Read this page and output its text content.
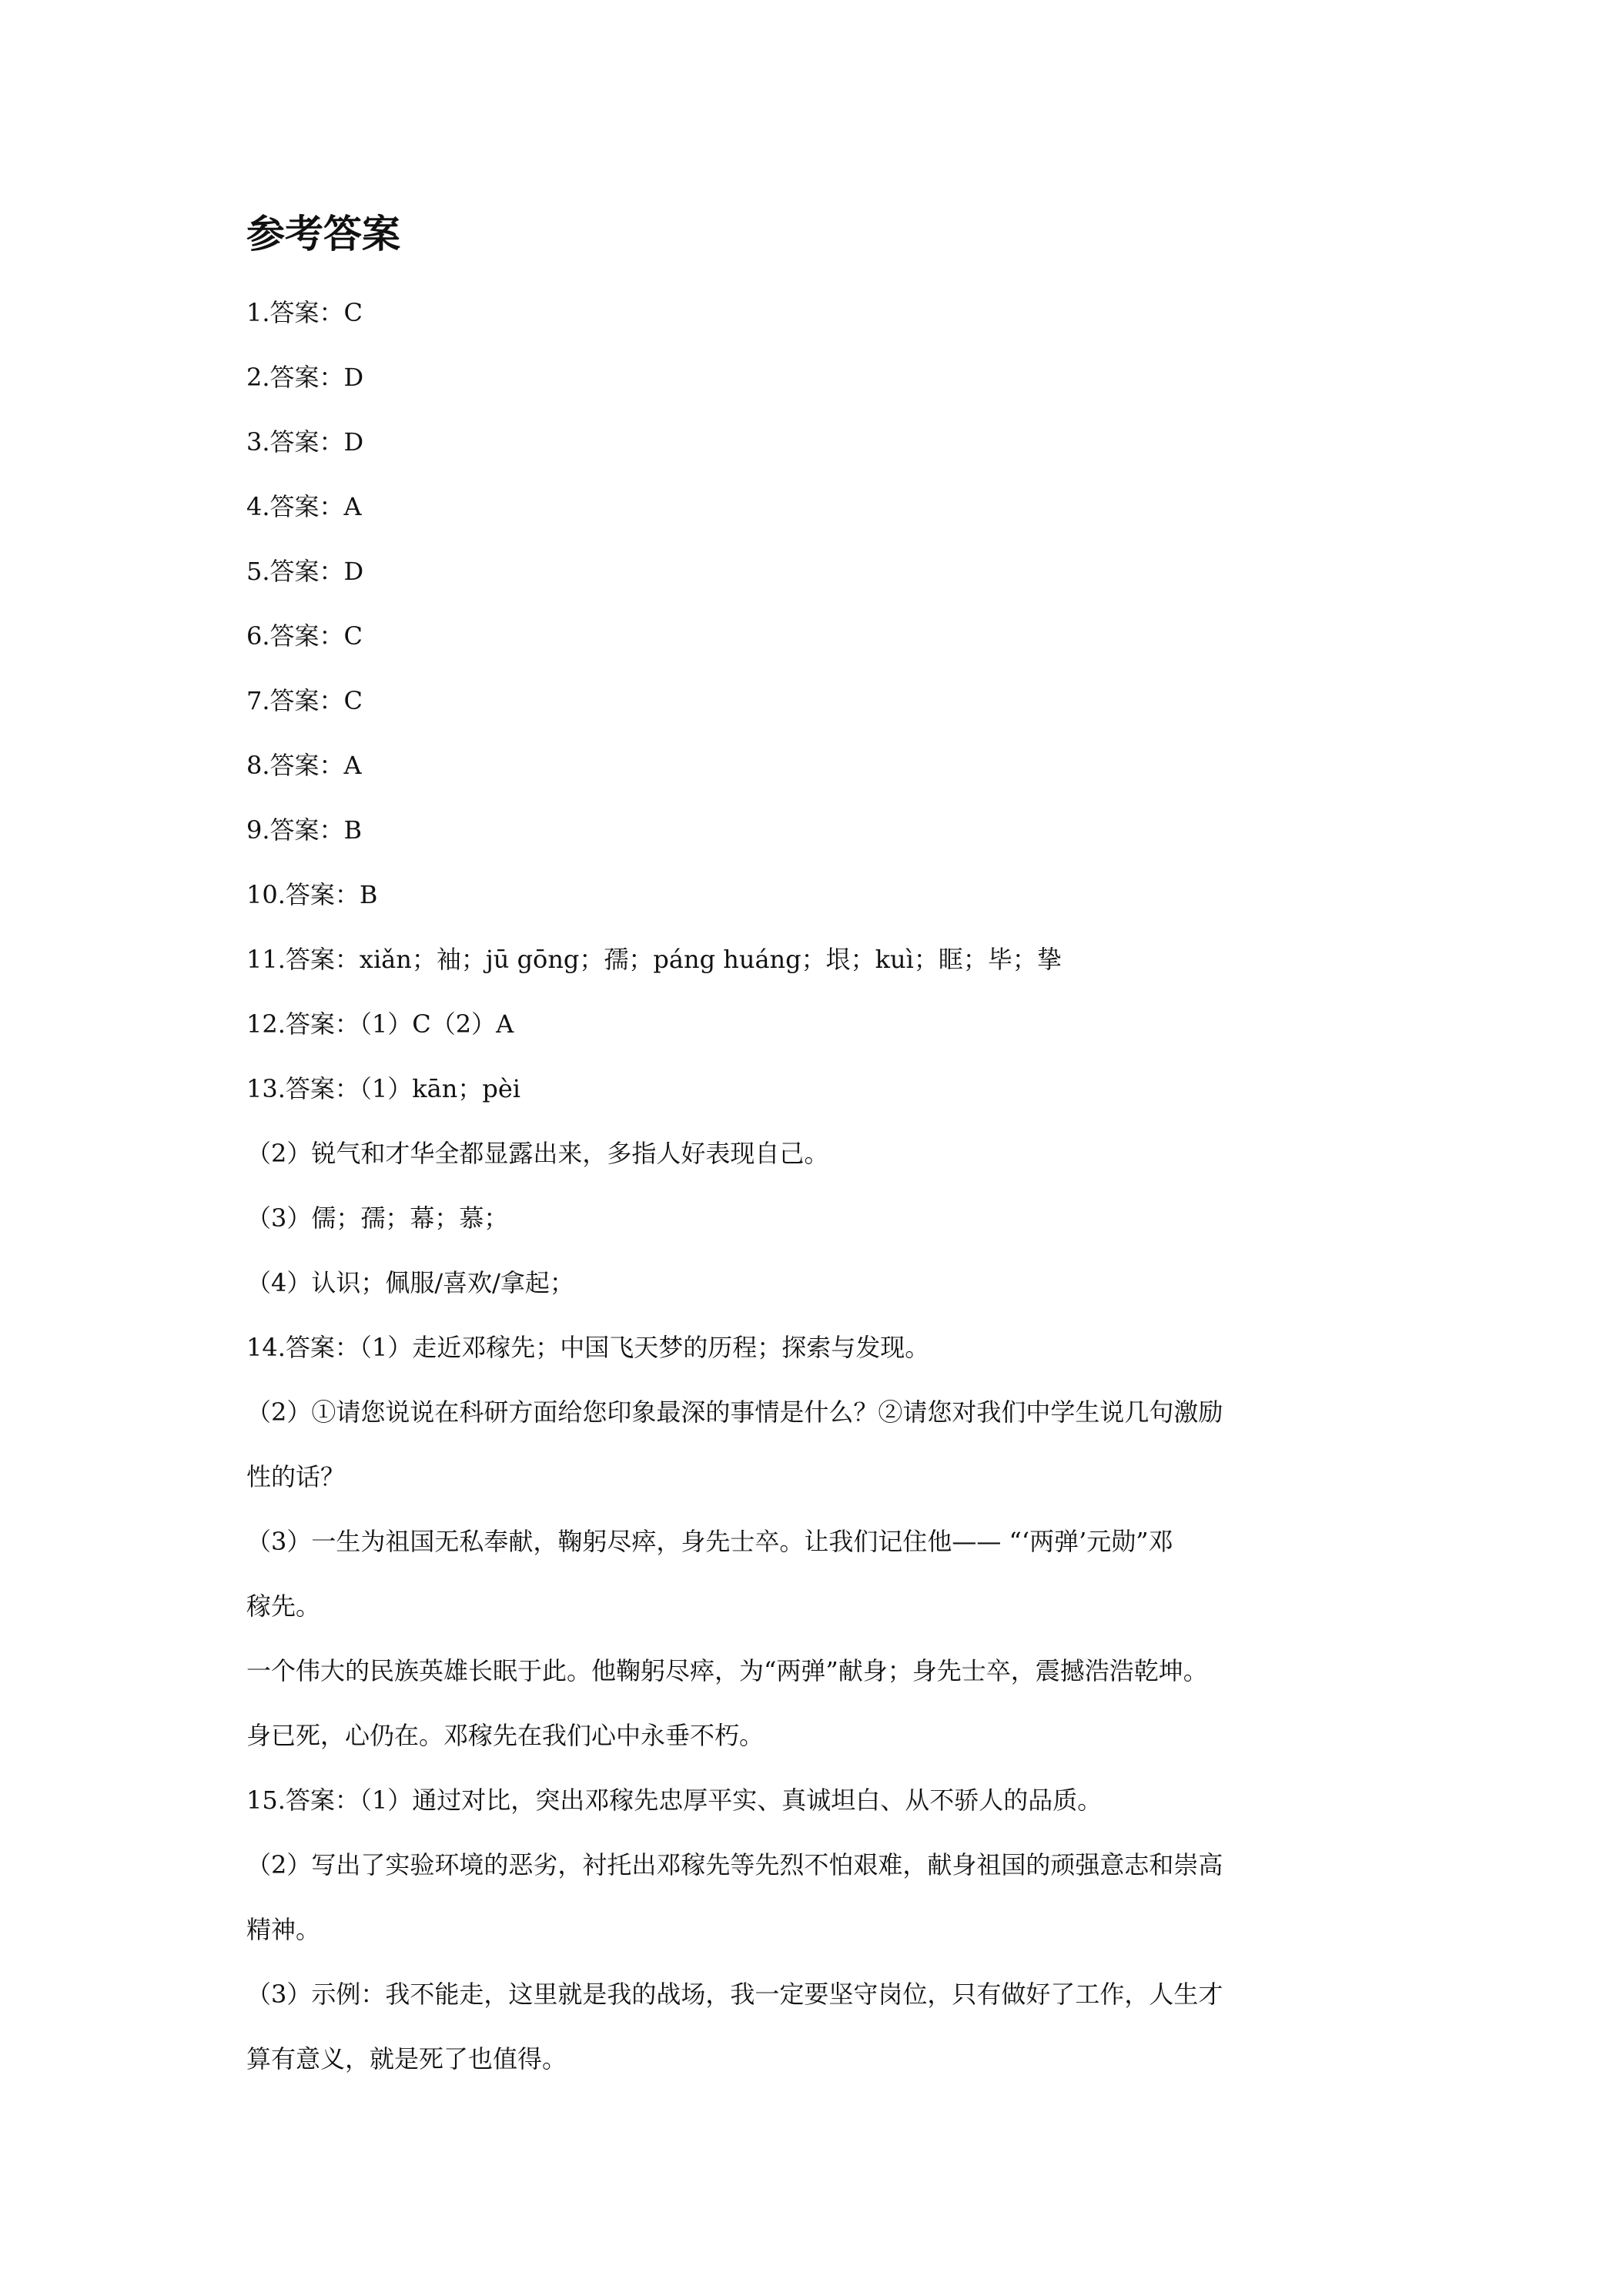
参考答案

1.答案：C

2.答案：D

3.答案：D

4.答案：A

5.答案：D

6.答案：C

7.答案：C

8.答案：A

9.答案：B

10.答案：B

11.答案：xiǎn；袖；jū gōng；孺；páng huáng；垠；kuì；眶；毕；挚

12.答案：（1）C（2）A

13.答案：（1）kān；pèi

（2）锐气和才华全都显露出来，多指人好表现自己。

（3）儒；孺；幕；慕；

（4）认识；佩服/喜欢/拿起；

14.答案：（1）走近邓稼先；中国飞天梦的历程；探索与发现。

（2）①请您说说在科研方面给您印象最深的事情是什么？②请您对我们中学生说几句激励

性的话？

（3）一生为祖国无私奉献，鞠躬尽瘁，身先士卒。让我们记住他—— “‘两弹’元勋”邓

稼先。

一个伟大的民族英雄长眠于此。他鞠躬尽瘁，为“两弹”献身；身先士卒，震撼浩浩乾坤。

身已死，心仍在。邓稼先在我们心中永垂不朽。

15.答案：（1）通过对比，突出邓稼先忠厚平实、真诚坦白、从不骄人的品质。

（2）写出了实验环境的恶劣，衬托出邓稼先等先烈不怕艰难，献身祖国的顽强意志和崇高

精神。

（3）示例：我不能走，这里就是我的战场，我一定要坚守岗位，只有做好了工作，人生才

算有意义，就是死了也值得。
